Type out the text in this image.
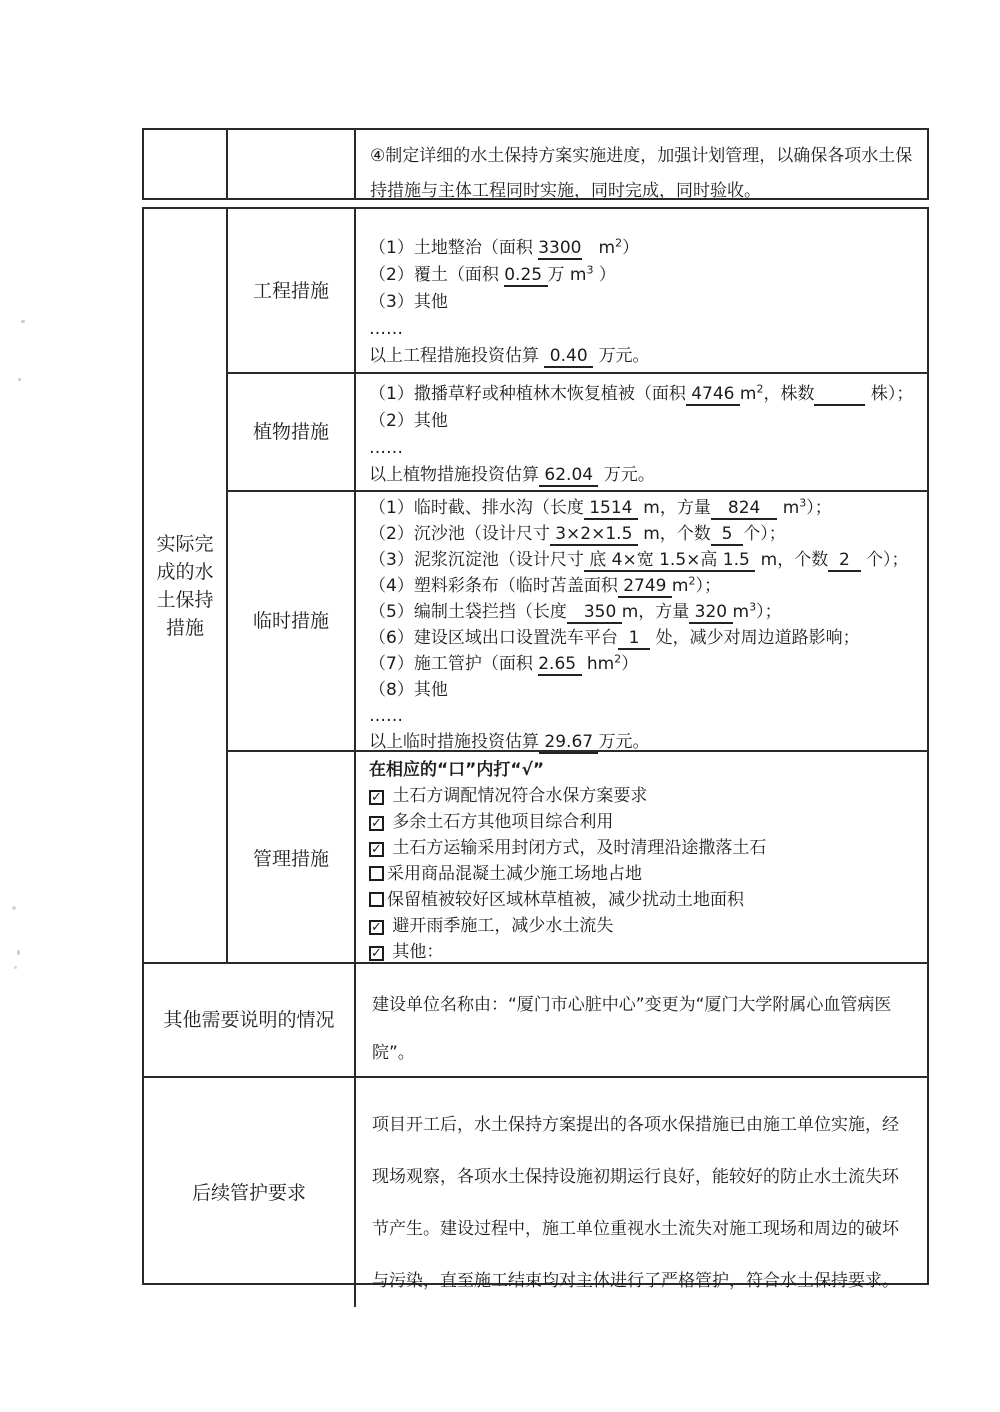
④制定详细的水土保持方案实施进度，加强计划管理，以确保各项水土保持措施与主体工程同时实施，同时完成，同时验收。
实际完成的水土保持措施
工程措施
（1）土地整治（面积 3300　$m^2$）
（2）覆土（面积 0.25 万 $m^3$ ）
（3）其他
……
以上工程措施投资估算  0.40  万元。
植物措施
（1）撒播草籽或种植林木恢复植被（面积 4746 $m^2$，株数　　　	株）；
（2）其他
……
以上植物措施投资估算 62.04  万元。
临时措施
（1）临时截、排水沟（长度 1514  m，方量　824　 $m^3$）；
（2）沉沙池（设计尺寸 3×2×1.5  m，个数  5  个）；
（3）泥浆沉淀池（设计尺寸 底 4×宽 1.5×高 1.5  m，个数  2   个）；
（4）塑料彩条布（临时苫盖面积 2749 $m^2$）；
（5）编制土袋拦挡（长度　350 m，方量 320 $m^3$）；
（6）建设区域出口设置洗车平台  1   处，减少对周边道路影响；
（7）施工管护（面积 2.65  $hm^2$）
（8）其他
……
以上临时措施投资估算 29.67 万元。
管理措施
在相应的“口”内打“√”
✓ 土石方调配情况符合水保方案要求
✓ 多余土石方其他项目综合利用
✓ 土石方运输采用封闭方式，及时清理沿途撒落土石
采用商品混凝土减少施工场地占地
保留植被较好区域林草植被，减少扰动土地面积
✓ 避开雨季施工，减少水土流失
✓ 其他：
其他需要说明的情况
建设单位名称由：“厦门市心脏中心”变更为“厦门大学附属心血管病医院”。
后续管护要求
项目开工后，水土保持方案提出的各项水保措施已由施工单位实施，经现场观察，各项水土保持设施初期运行良好，能较好的防止水土流失环节产生。建设过程中，施工单位重视水土流失对施工现场和周边的破坏与污染，直至施工结束均对主体进行了严格管护，符合水土保持要求。
